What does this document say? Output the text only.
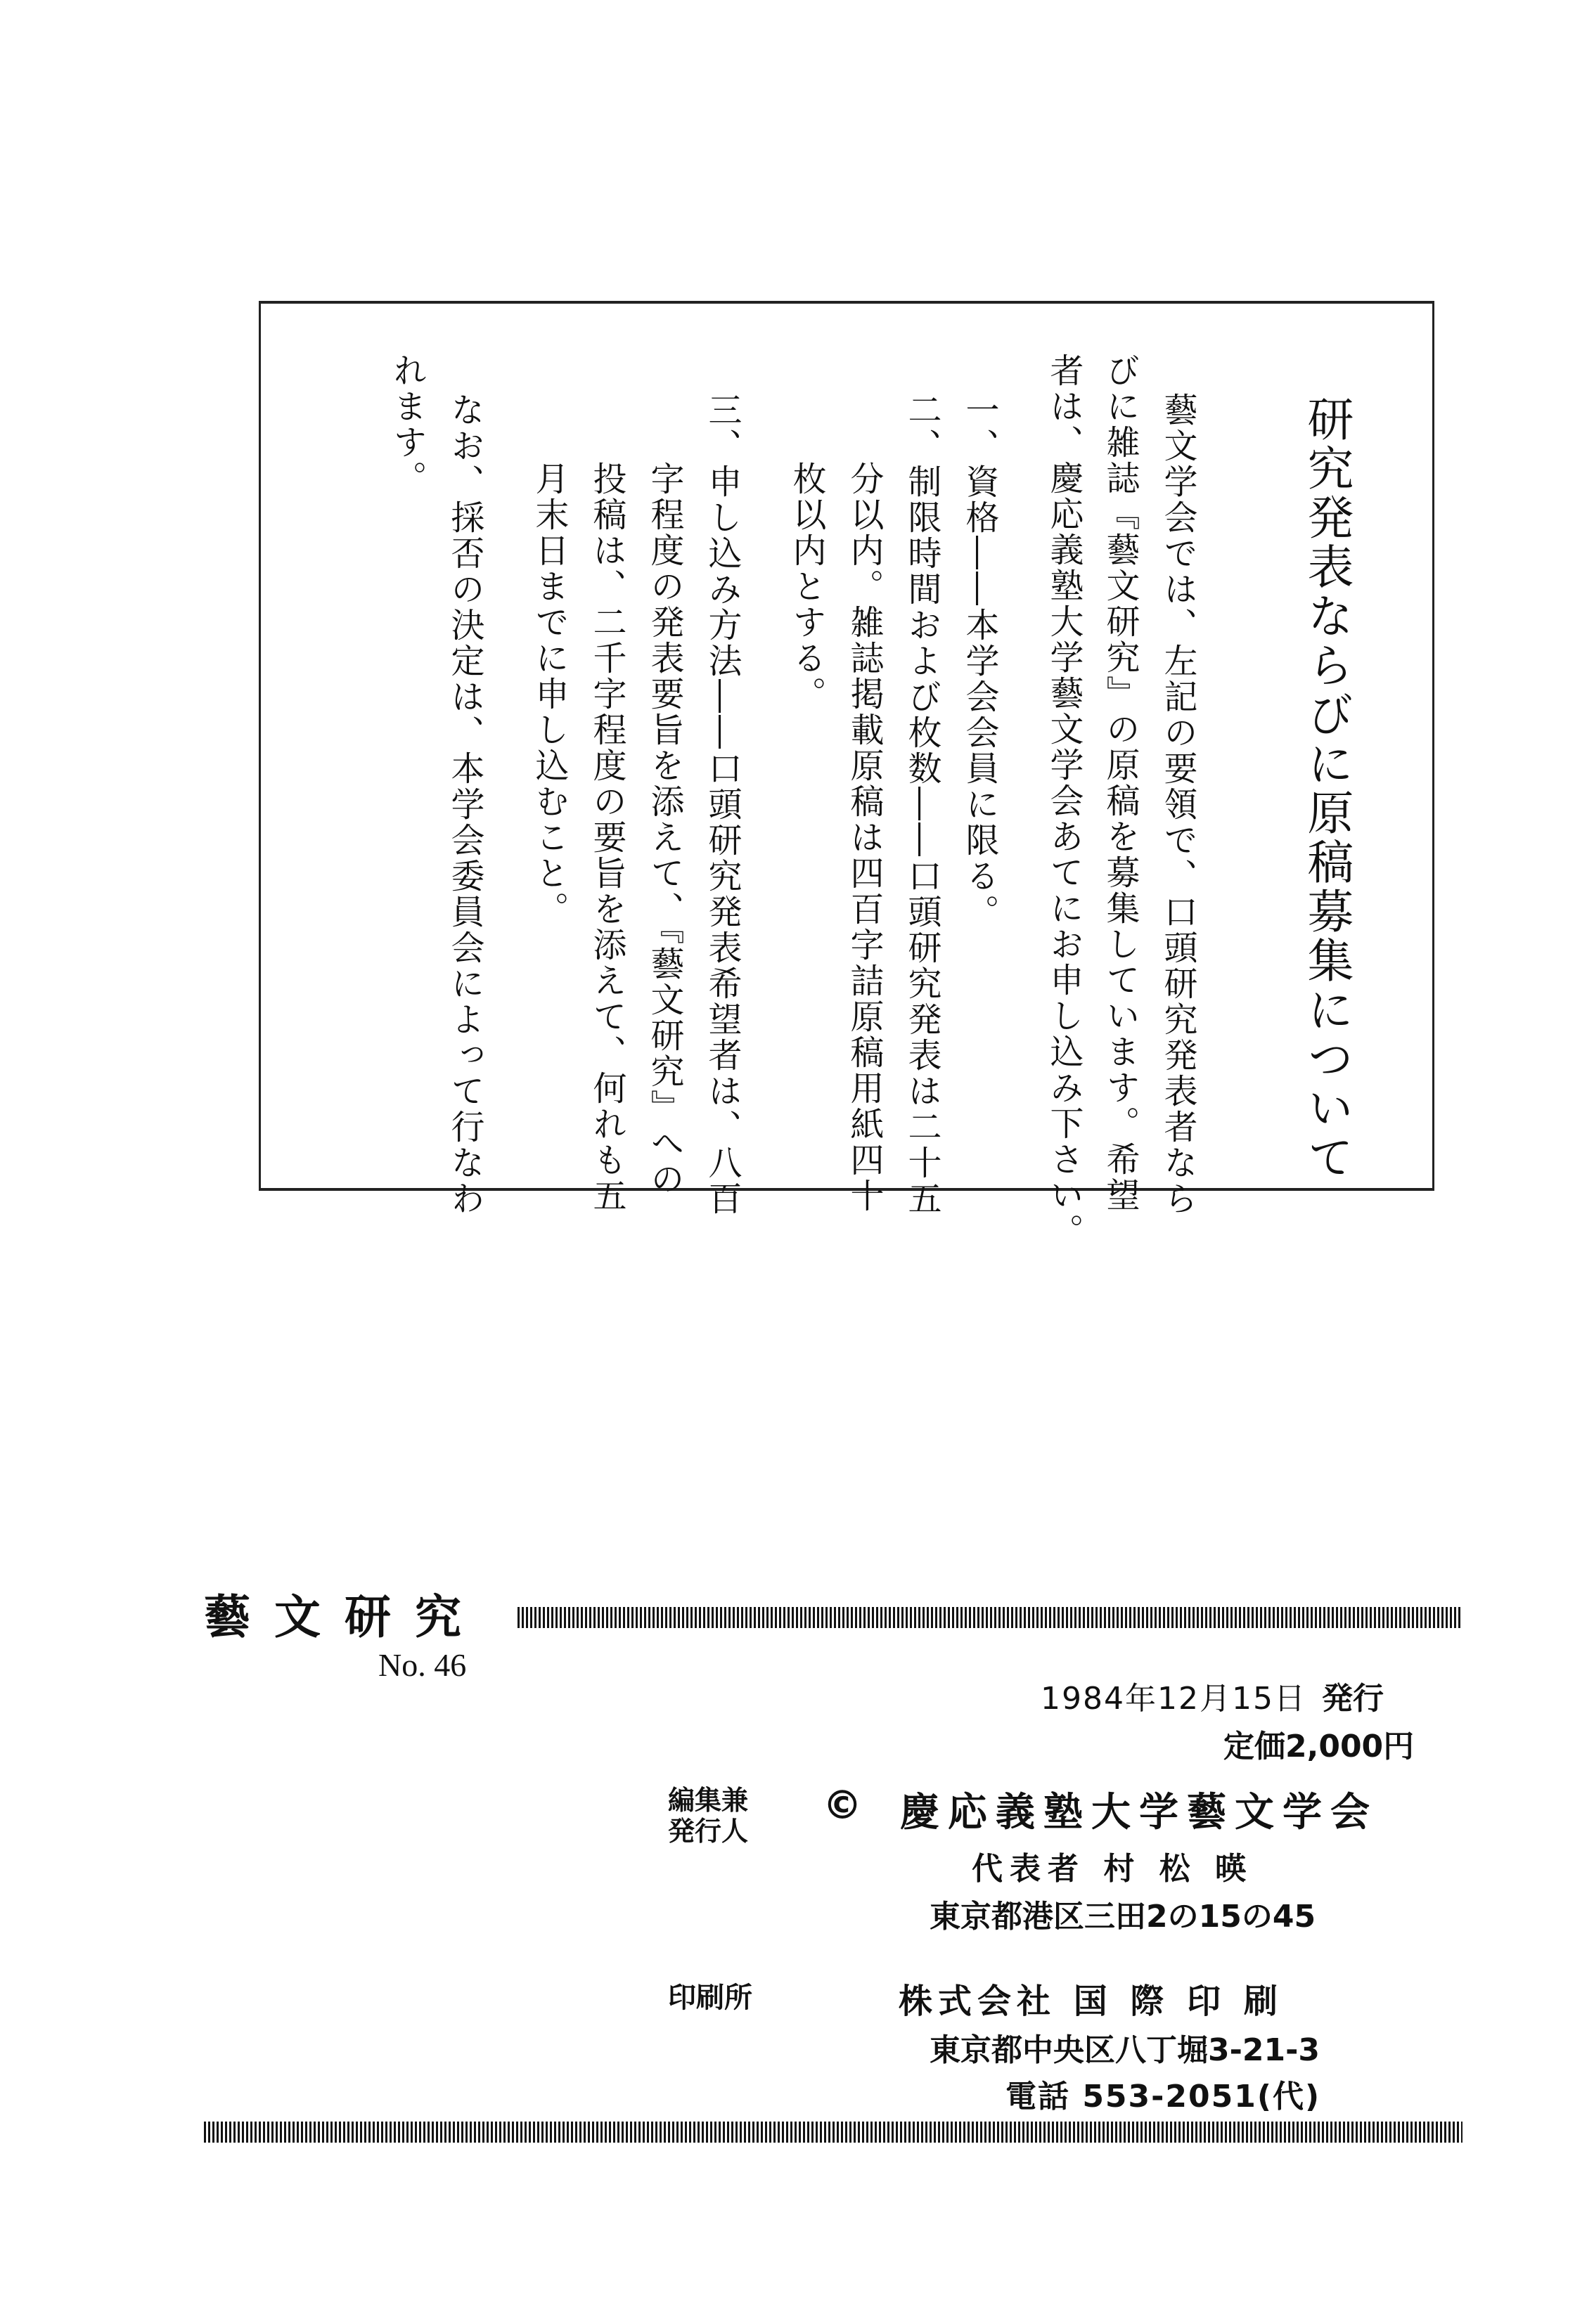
研究発表ならびに原稿募集について
藝文学会では、左記の要領で、口頭研究発表者なら
びに雑誌『藝文研究』の原稿を募集しています。希望
者は、慶応義塾大学藝文学会あてにお申し込み下さい。
一、資格――本学会会員に限る。
二、制限時間および枚数――口頭研究発表は二十五
分以内。雑誌掲載原稿は四百字詰原稿用紙四十
枚以内とする。
三、申し込み方法――口頭研究発表希望者は、八百
字程度の発表要旨を添えて、『藝文研究』への
投稿は、二千字程度の要旨を添えて、何れも五
月末日までに申し込むこと。
なお、採否の決定は、本学会委員会によって行なわ
れます。
藝文研究
No. 46
1984年12月15日 発行
定価2,000円
編集兼
発行人
© 慶応義塾大学藝文学会
代表者 村 松 暎
東京都港区三田2の15の45
印刷所	株式会社 国 際 印 刷
東京都中央区八丁堀3-21-3
電話 553-2051(代)
